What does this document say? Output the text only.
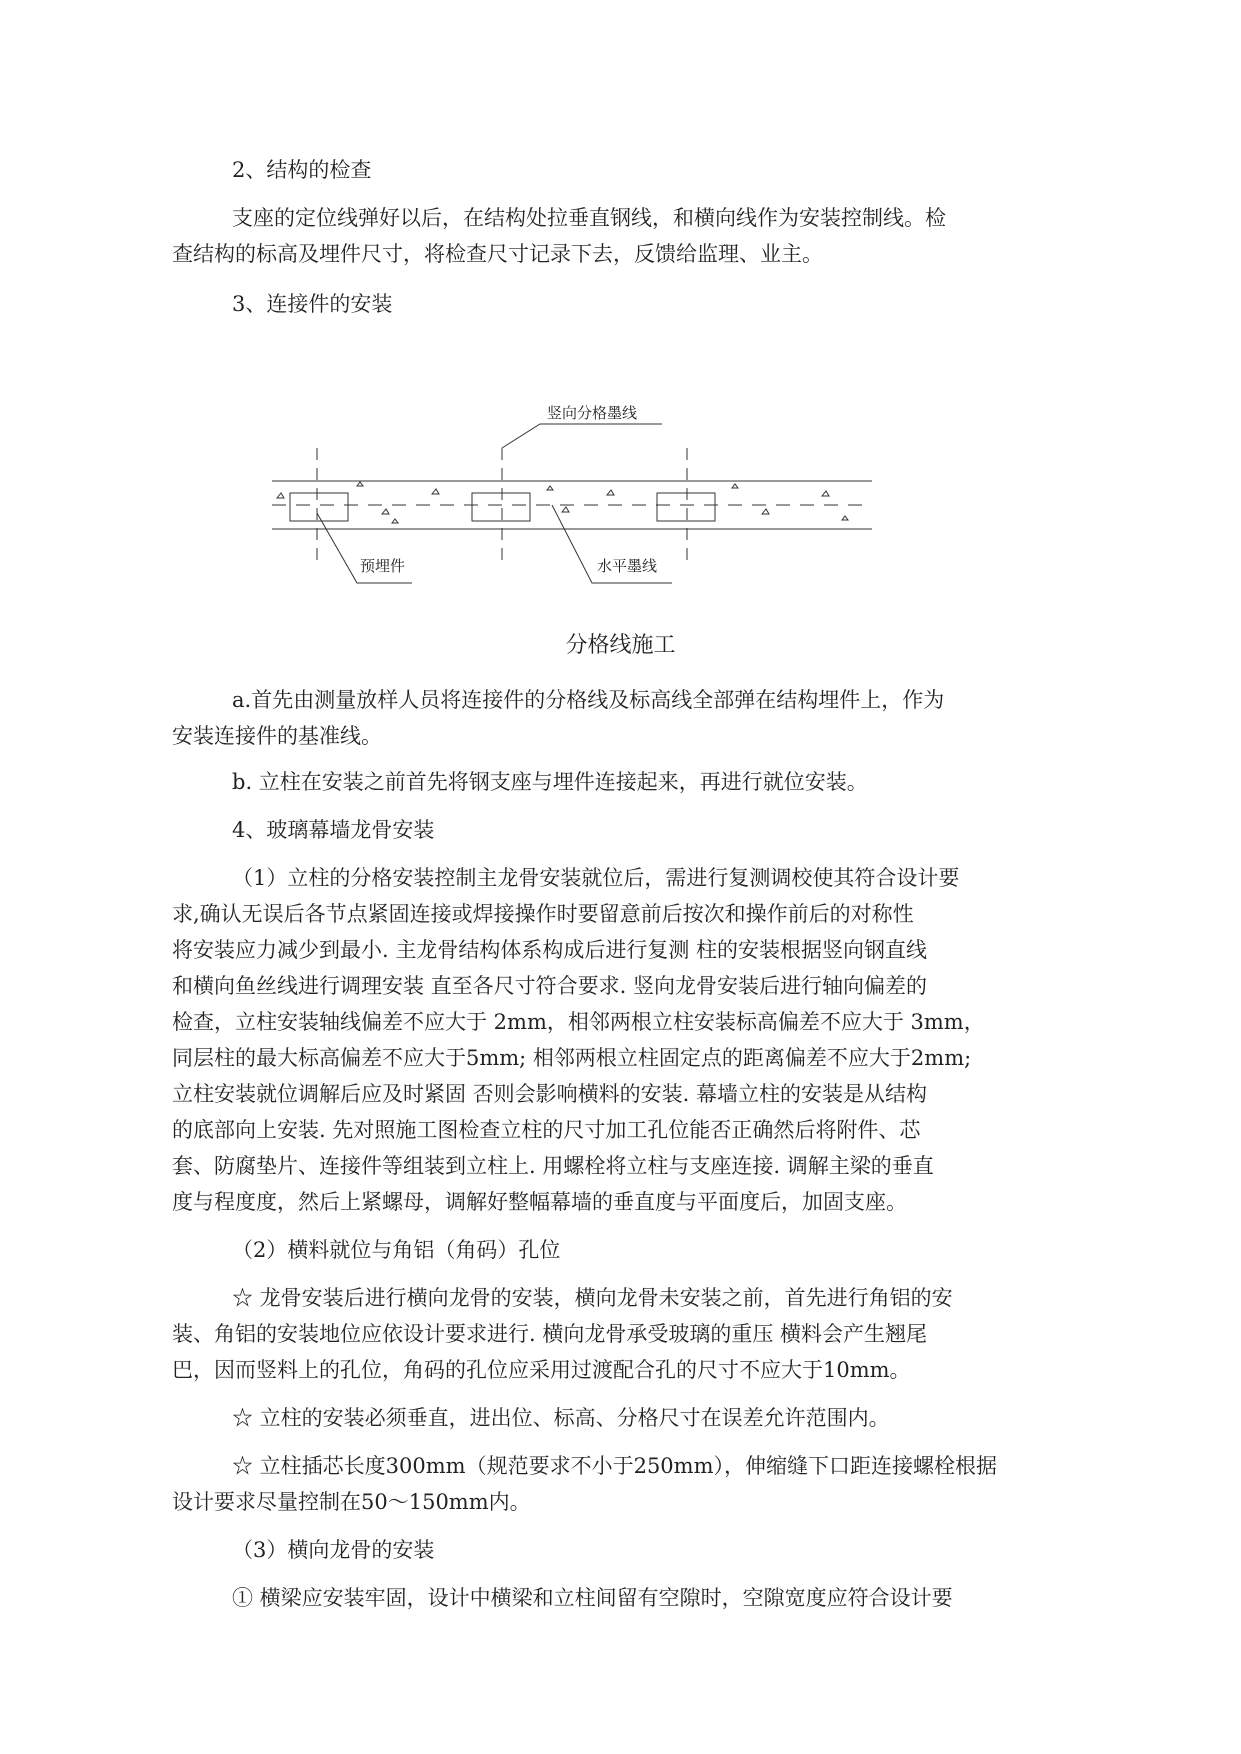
2、结构的检查

支座的定位线弹好以后，在结构处拉垂直钢线，和横向线作为安装控制线。检

查结构的标高及埋件尺寸，将检查尺寸记录下去，反馈给监理、业主。

3、连接件的安装

竖向分格墨线
预埋件	水平墨线
分格线施工

a.首先由测量放样人员将连接件的分格线及标高线全部弹在结构埋件上，作为

安装连接件的基准线。

b. 立柱在安装之前首先将钢支座与埋件连接起来，再进行就位安装。

4、玻璃幕墙龙骨安装

（1）立柱的分格安装控制主龙骨安装就位后，需进行复测调校使其符合设计要

求,确认无误后各节点紧固连接或焊接操作时要留意前后按次和操作前后的对称性

将安装应力减少到最小. 主龙骨结构体系构成后进行复测 柱的安装根据竖向钢直线

和横向鱼丝线进行调理安装 直至各尺寸符合要求. 竖向龙骨安装后进行轴向偏差的

检查，立柱安装轴线偏差不应大于 2mm，相邻两根立柱安装标高偏差不应大于 3mm，

同层柱的最大标高偏差不应大于5mm; 相邻两根立柱固定点的距离偏差不应大于2mm;

立柱安装就位调解后应及时紧固 否则会影响横料的安装. 幕墙立柱的安装是从结构

的底部向上安装. 先对照施工图检查立柱的尺寸加工孔位能否正确然后将附件、芯

套、防腐垫片、连接件等组装到立柱上. 用螺栓将立柱与支座连接. 调解主梁的垂直

度与程度度，然后上紧螺母，调解好整幅幕墙的垂直度与平面度后，加固支座。

（2）横料就位与角铝（角码）孔位

☆ 龙骨安装后进行横向龙骨的安装，横向龙骨未安装之前，首先进行角铝的安

装、角铝的安装地位应依设计要求进行. 横向龙骨承受玻璃的重压 横料会产生翘尾

巴，因而竖料上的孔位，角码的孔位应采用过渡配合孔的尺寸不应大于10mm。

☆ 立柱的安装必须垂直，进出位、标高、分格尺寸在误差允许范围内。

☆ 立柱插芯长度300mm（规范要求不小于250mm），伸缩缝下口距连接螺栓根据

设计要求尽量控制在50～150mm内。

（3）横向龙骨的安装

① 横梁应安装牢固，设计中横梁和立柱间留有空隙时，空隙宽度应符合设计要
